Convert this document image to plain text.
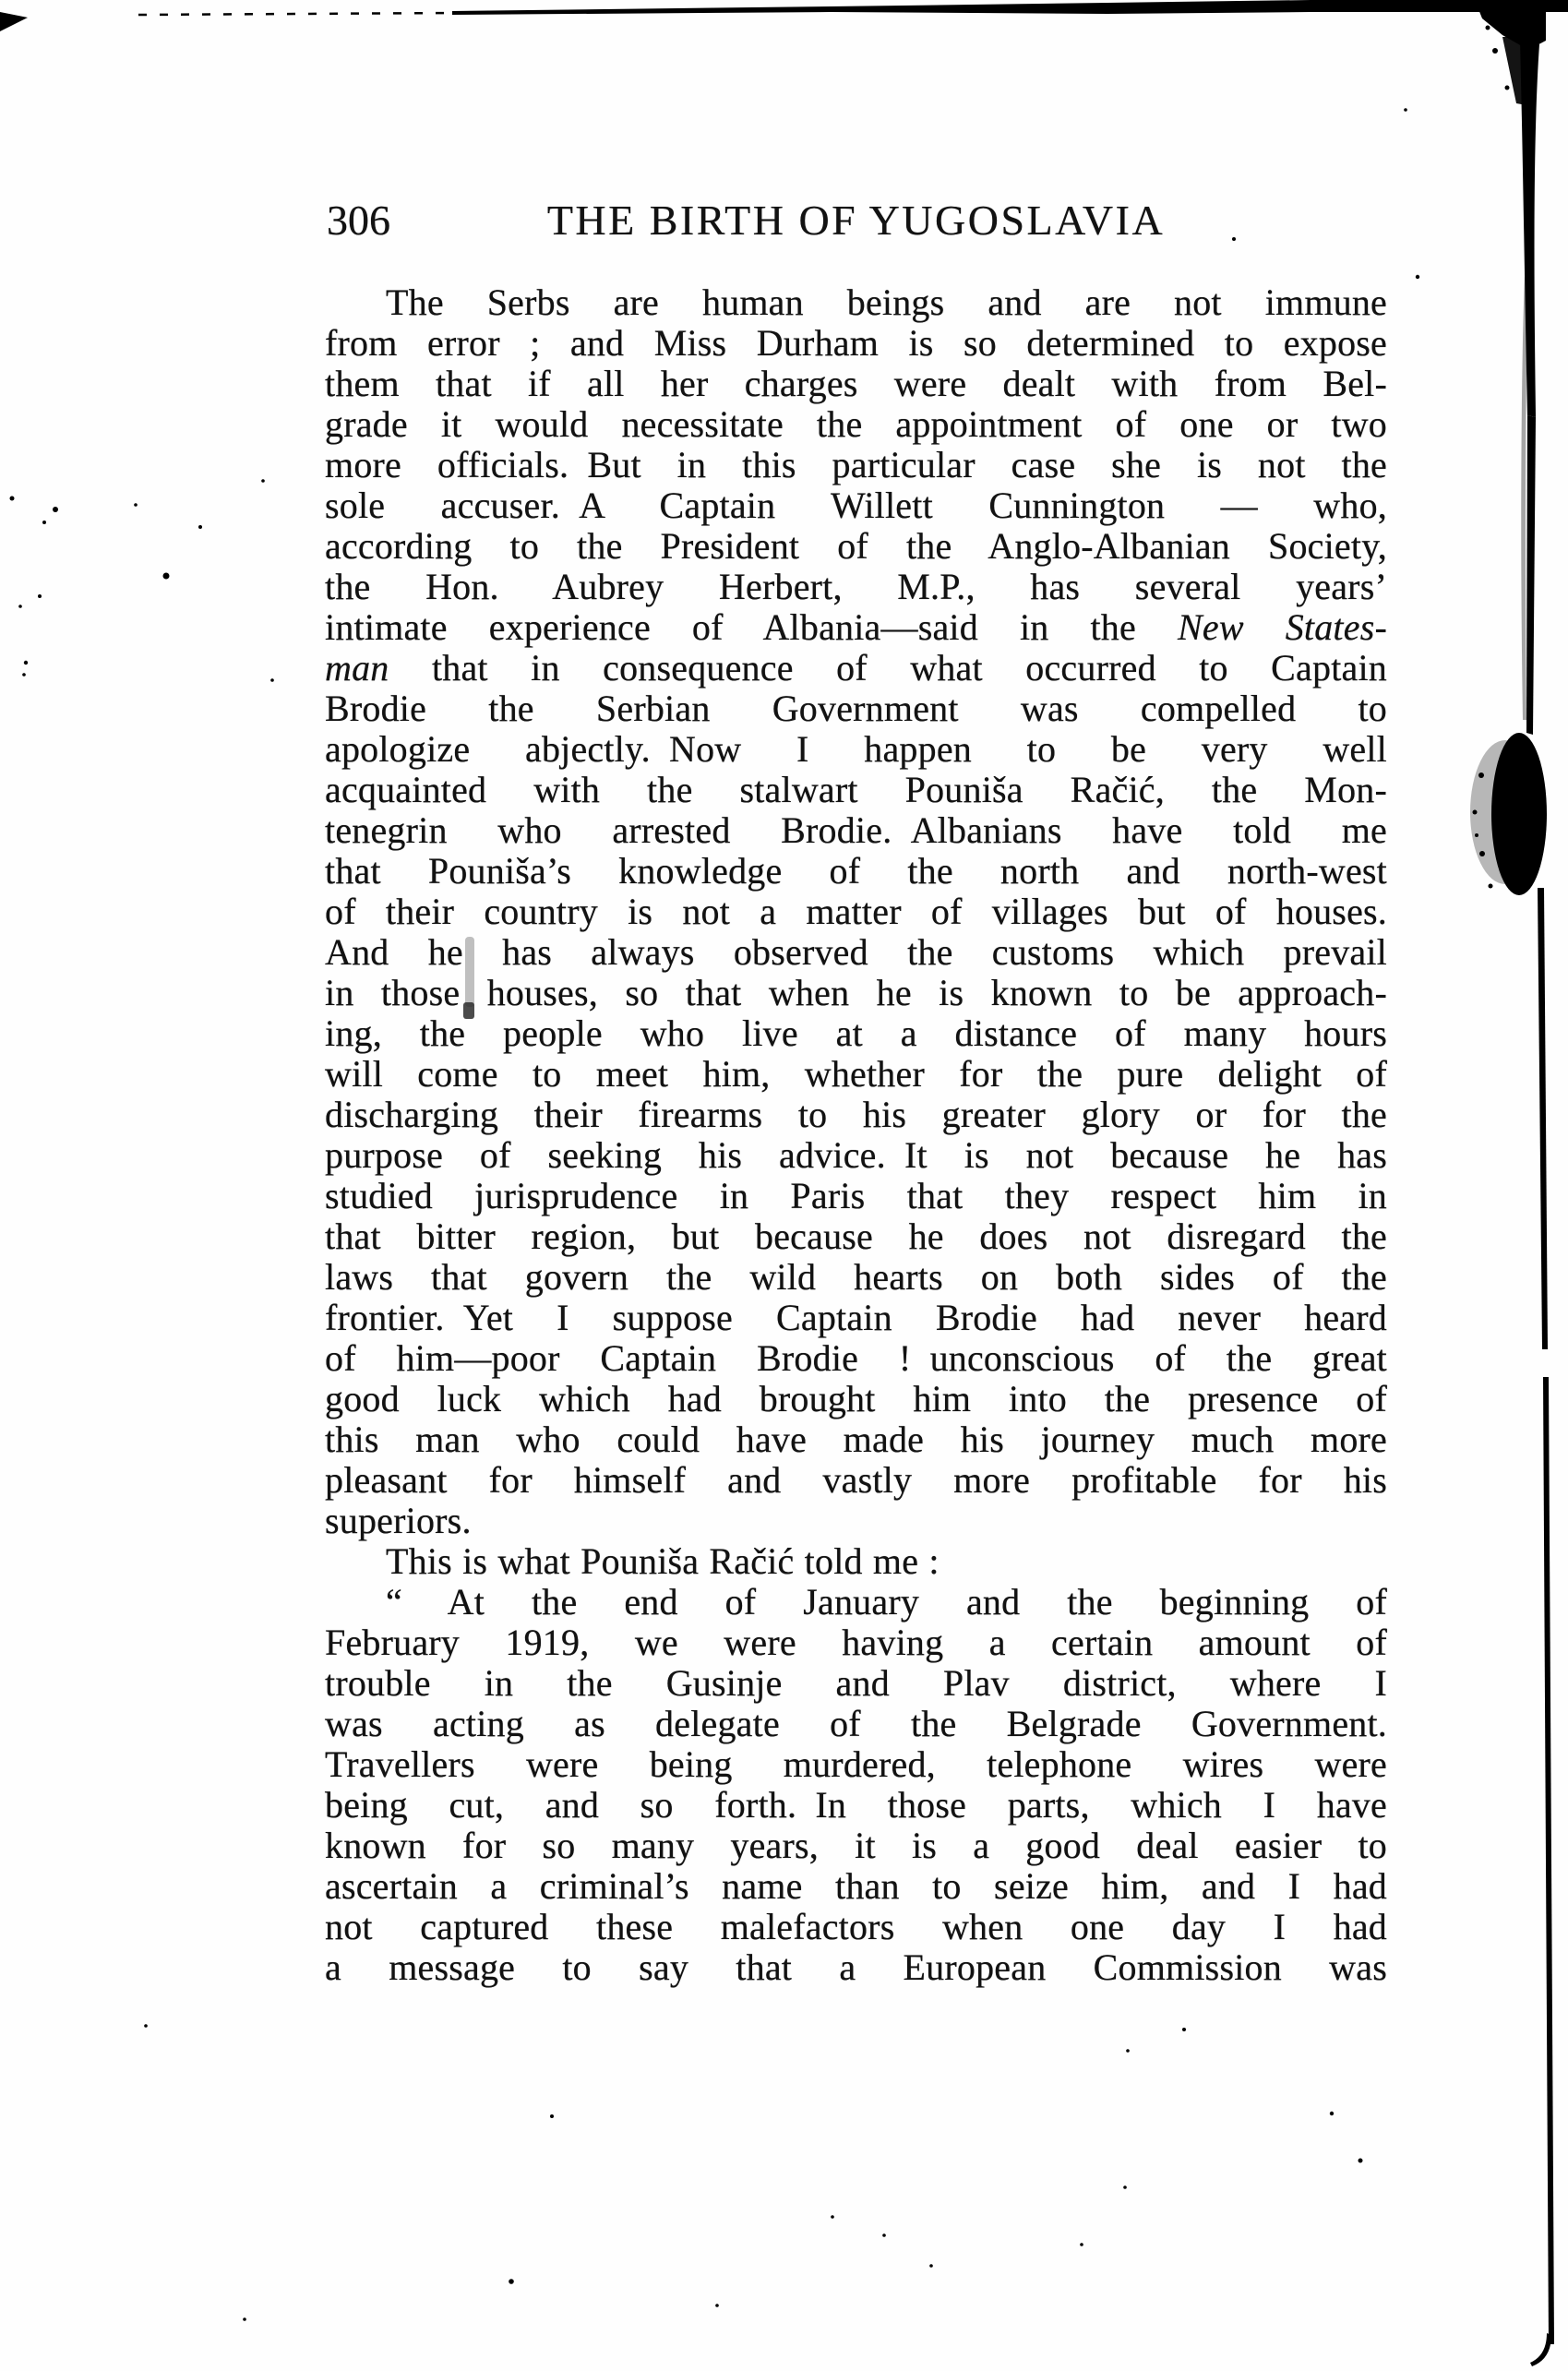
306	THE BIRTH OF YUGOSLAVIA
The Serbs are human beings and are not immune
from error ; and Miss Durham is so determined to expose
them that if all her charges were dealt with from Bel-
grade it would necessitate the appointment of one or two
more officials. But in this particular case she is not the
sole accuser. A Captain Willett Cunnington — who,
according to the President of the Anglo-Albanian Society,
the Hon. Aubrey Herbert, M.P., has several years’
intimate experience of Albania—said in the New States-
man that in consequence of what occurred to Captain
Brodie the Serbian Government was compelled to
apologize abjectly. Now I happen to be very well
acquainted with the stalwart Pouniša Račić, the Mon-
tenegrin who arrested Brodie. Albanians have told me
that Pouniša’s knowledge of the north and north-west
of their country is not a matter of villages but of houses.
And he has always observed the customs which prevail
in those houses, so that when he is known to be approach-
ing, the people who live at a distance of many hours
will come to meet him, whether for the pure delight of
discharging their firearms to his greater glory or for the
purpose of seeking his advice. It is not because he has
studied jurisprudence in Paris that they respect him in
that bitter region, but because he does not disregard the
laws that govern the wild hearts on both sides of the
frontier. Yet I suppose Captain Brodie had never heard
of him—poor Captain Brodie ! unconscious of the great
good luck which had brought him into the presence of
this man who could have made his journey much more
pleasant for himself and vastly more profitable for his
superiors.
This is what Pouniša Račić told me :
“ At the end of January and the beginning of
February 1919, we were having a certain amount of
trouble in the Gusinje and Plav district, where I
was acting as delegate of the Belgrade Government.
Travellers were being murdered, telephone wires were
being cut, and so forth. In those parts, which I have
known for so many years, it is a good deal easier to
ascertain a criminal’s name than to seize him, and I had
not captured these malefactors when one day I had
a message to say that a European Commission was
